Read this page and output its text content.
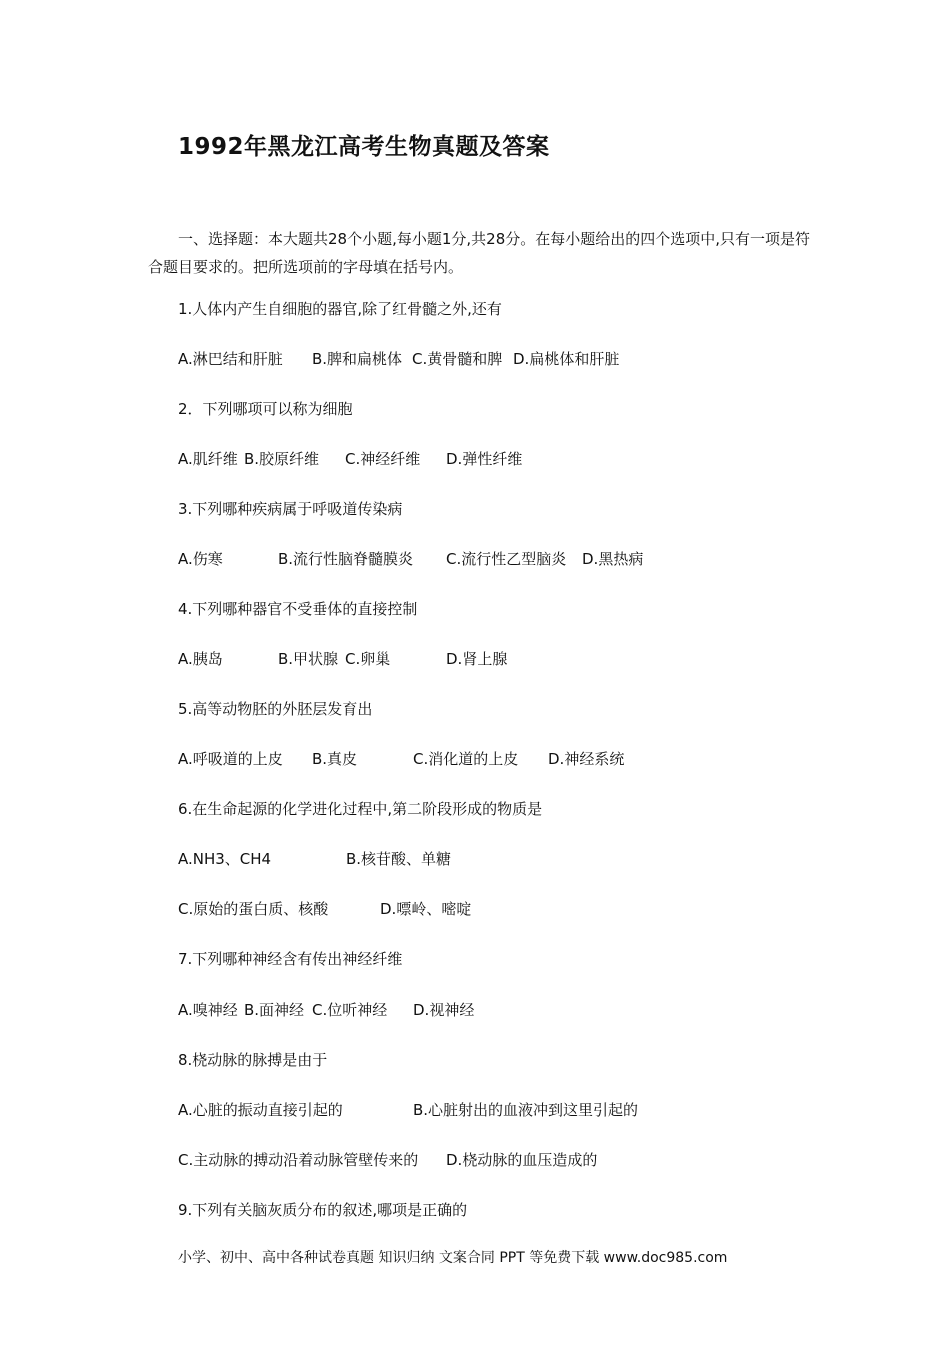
1992年黑龙江高考生物真题及答案
一、选择题：本大题共28个小题,每小题1分,共28分。在每小题给出的四个选项中,只有一项是符合题目要求的。把所选项前的字母填在括号内。
1.人体内产生自细胞的器官,除了红骨髓之外,还有
A.淋巴结和肝脏 B.脾和扁桃体 C.黄骨髓和脾 D.扁桃体和肝脏
2．下列哪项可以称为细胞
A.肌纤维 B.胶原纤维 C.神经纤维 D.弹性纤维
3.下列哪种疾病属于呼吸道传染病
A.伤寒	B.流行性脑脊髓膜炎 C.流行性乙型脑炎 D.黑热病
4.下列哪种器官不受垂体的直接控制
A.胰岛	B.甲状腺 C.卵巢	D.肾上腺
5.高等动物胚的外胚层发育出
A.呼吸道的上皮 B.真皮	C.消化道的上皮 D.神经系统
6.在生命起源的化学进化过程中,第二阶段形成的物质是
A.NH3、CH4	B.核苷酸、单糖
C.原始的蛋白质、核酸	D.嘌岭、嘧啶
7.下列哪种神经含有传出神经纤维
A.嗅神经 B.面神经 C.位听神经 D.视神经
8.桡动脉的脉搏是由于
A.心脏的振动直接引起的	B.心脏射出的血液冲到这里引起的
C.主动脉的搏动沿着动脉管壁传来的 D.桡动脉的血压造成的
9.下列有关脑灰质分布的叙述,哪项是正确的
小学、初中、高中各种试卷真题 知识归纳 文案合同 PPT 等免费下载 www.doc985.com
